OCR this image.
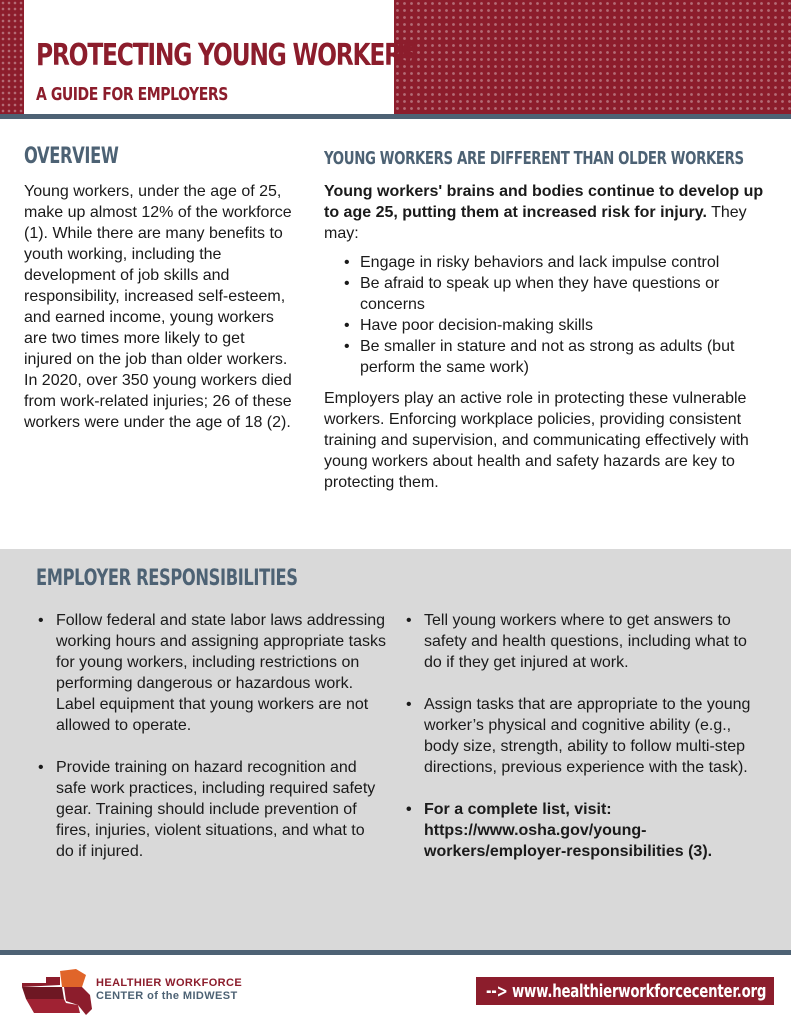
PROTECTING YOUNG WORKERS
A GUIDE FOR EMPLOYERS
OVERVIEW

Young workers, under the age of 25, make up almost 12% of the workforce (1). While there are many benefits to youth working, including the development of job skills and responsibility, increased self-esteem, and earned income, young workers are two times more likely to get injured on the job than older workers. In 2020, over 350 young workers died from work-related injuries; 26 of these workers were under the age of 18 (2).

YOUNG WORKERS ARE DIFFERENT THAN OLDER WORKERS

Young workers' brains and bodies continue to develop up to age 25, putting them at increased risk for injury. They may:

• Engage in risky behaviors and lack impulse control
• Be afraid to speak up when they have questions or concerns
• Have poor decision-making skills
• Be smaller in stature and not as strong as adults (but perform the same work)

Employers play an active role in protecting these vulnerable workers. Enforcing workplace policies, providing consistent training and supervision, and communicating effectively with young workers about health and safety hazards are key to protecting them.

EMPLOYER RESPONSIBILITIES
• Follow federal and state labor laws addressing working hours and assigning appropriate tasks for young workers, including restrictions on performing dangerous or hazardous work. Label equipment that young workers are not allowed to operate.
• Provide training on hazard recognition and safe work practices, including required safety gear. Training should include prevention of fires, injuries, violent situations, and what to do if injured.
• Tell young workers where to get answers to safety and health questions, including what to do if they get injured at work.
• Assign tasks that are appropriate to the young worker’s physical and cognitive ability (e.g., body size, strength, ability to follow multi-step directions, previous experience with the task).
• For a complete list, visit: https://www.osha.gov/young-workers/employer-responsibilities (3).
HEALTHIER WORKFORCE
CENTER of the MIDWEST	--> www.healthierworkforcecenter.org
